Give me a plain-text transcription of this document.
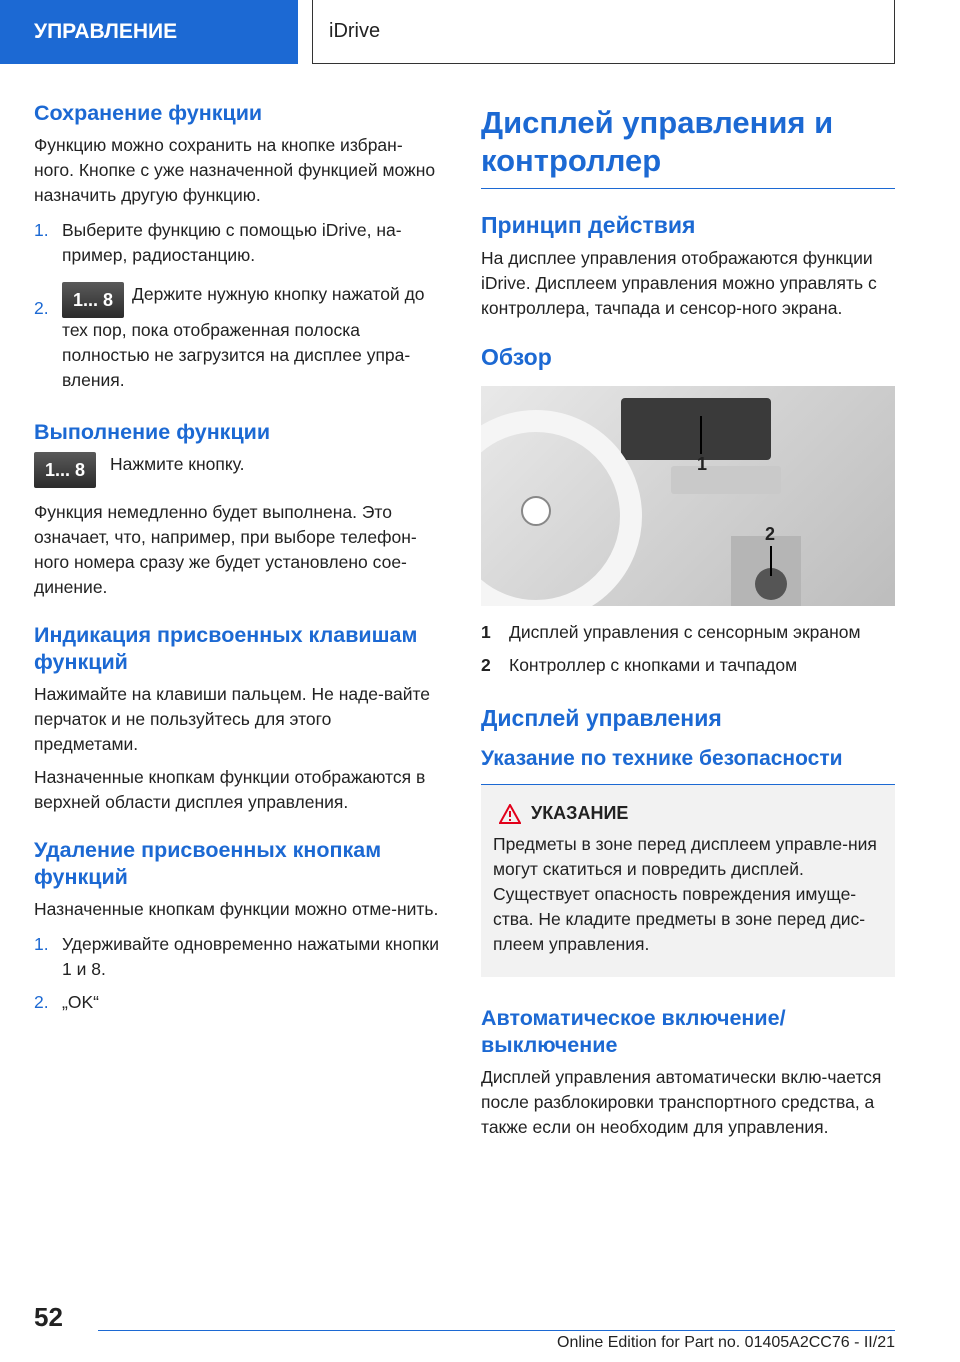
УПРАВЛЕНИЕ	iDrive
Сохранение функции

Функцию можно сохранить на кнопке избран-ного. Кнопке с уже назначенной функцией можно назначить другую функцию.

1. Выберите функцию с помощью iDrive, на-пример, радиостанцию.
2. 1... 8 Держите нужную кнопку нажатой до тех пор, пока отображенная полоска полностью не загрузится на дисплее упра-вления.
Выполнение функции
1... 8	Нажмите кнопку.

Функция немедленно будет выполнена. Это означает, что, например, при выборе телефон-ного номера сразу же будет установлено сое-динение.

Индикация присвоенных клавишам функций

Нажимайте на клавиши пальцем. Не наде-вайте перчаток и не пользуйтесь для этого предметами.

Назначенные кнопкам функции отображаются в верхней области дисплея управления.

Удаление присвоенных кнопкам функций

Назначенные кнопкам функции можно отме-нить.

1. Удерживайте одновременно нажатыми кнопки 1 и 8.
2. „OK“
Дисплей управления и контроллер
Принцип действия

На дисплее управления отображаются функции iDrive. Дисплеем управления можно управлять с контроллера, тачпада и сенсор-ного экрана.

Обзор
1
2
1 Дисплей управления с сенсорным экраном
2 Контроллер с кнопками и тачпадом
Дисплей управления
Указание по технике безопасности
УКАЗАНИЕ

Предметы в зоне перед дисплеем управле-ния могут скатиться и повредить дисплей. Существует опасность повреждения имуще-ства. Не кладите предметы в зоне перед дис-плеем управления.

Автоматическое включение/ выключение

Дисплей управления автоматически вклю-чается после разблокировки транспортного средства, а также если он необходим для управления.

52
Online Edition for Part no. 01405A2CC76 - II/21
